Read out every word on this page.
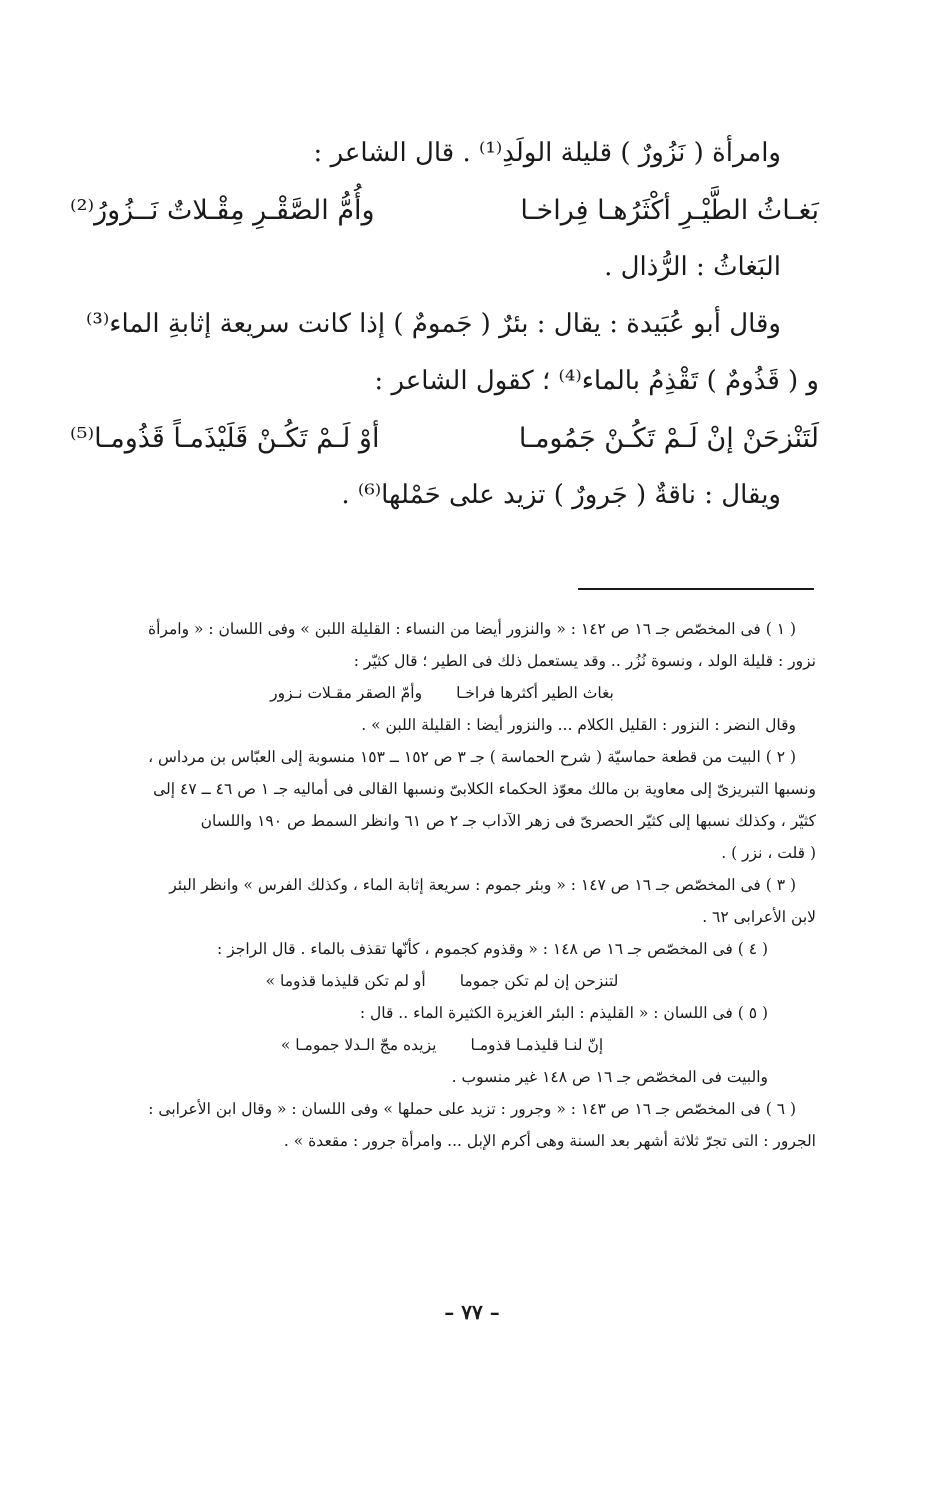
وامرأة ( نَزُورٌ ) قليلة الولَدِ⁽¹⁾ . قال الشاعر :
بَغـاثُ الطَّيْـرِ أكْثَرُهـا فِراخـا
وأُمُّ الصَّقْـرِ مِقْـلاتٌ نَــزُورُ⁽²⁾
البَغاثُ : الرُّذال .
وقال أبو عُبَيدة : يقال : بئرٌ ( جَمومٌ ) إذا كانت سريعة إثابةِ الماء⁽³⁾
و ( قَذُومٌ ) تَقْذِمُ بالماء⁽⁴⁾ ؛ كقول الشاعر :
لَتَنْزحَنْ إنْ لَـمْ تَكُـنْ جَمُومـا
أوْ لَـمْ تَكُـنْ قَلَيْذَمـاً قَذُومـا⁽⁵⁾
ويقال : ناقةٌ ( جَرورٌ ) تزيد على حَمْلها⁽⁶⁾ .
( ١ ) فى المخصّص جـ ١٦ ص ١٤٢ : « والنزور أيضا من النساء : القليلة اللبن » وفى اللسان : « وامرأة
نزور : قليلة الولد ، ونسوة نُزُر .. وقد يستعمل ذلك فى الطير ؛ قال كثيّر :
بغاث الطير أكثرها فراخـا
وأمّ الصقر مقـلات نـزور
وقال النضر : النزور : القليل الكلام ... والنزور أيضا : القليلة اللبن » .
( ٢ ) البيت من قطعة حماسيّة ( شرح الحماسة ) جـ ٣ ص ١٥٢ ــ ١٥٣ منسوبة إلى العبّاس بن مرداس ،
ونسبها التبريزىّ إلى معاوية بن مالك معوّذ الحكماء الكلابىّ ونسبها القالى فى أماليه جـ ١ ص ٤٦ ــ ٤٧ إلى
كثيّر ، وكذلك نسبها إلى كثيّر الحصرىّ فى زهر الآداب جـ ٢ ص ٦١ وانظر السمط ص ١٩٠ واللسان
( قلت ، نزر ) .
( ٣ ) فى المخصّص جـ ١٦ ص ١٤٧ : « وبئر جموم : سريعة إثابة الماء ، وكذلك الفرس » وانظر البئر
لابن الأعرابى ٦٢ .
( ٤ ) فى المخصّص جـ ١٦ ص ١٤٨ : « وقذوم كجموم ، كأنّها تقذف بالماء . قال الراجز :
لتنزحن إن لم تكن جموما
أو لم تكن قليذما قذوما »
( ٥ ) فى اللسان : « القليذم : البئر الغزيرة الكثيرة الماء .. قال :
إنّ لنـا قليذمـا قذومـا
يزيده مجّ الـدلا جمومـا »
والبيت فى المخصّص جـ ١٦ ص ١٤٨ غير منسوب .
( ٦ ) فى المخصّص جـ ١٦ ص ١٤٣ : « وجرور : تزيد على حملها » وفى اللسان : « وقال ابن الأعرابى :
الجرور : التى تجرّ ثلاثة أشهر بعد السنة وهى أكرم الإبل ... وامرأة جرور : مقعدة » .
– ٧٧ –
